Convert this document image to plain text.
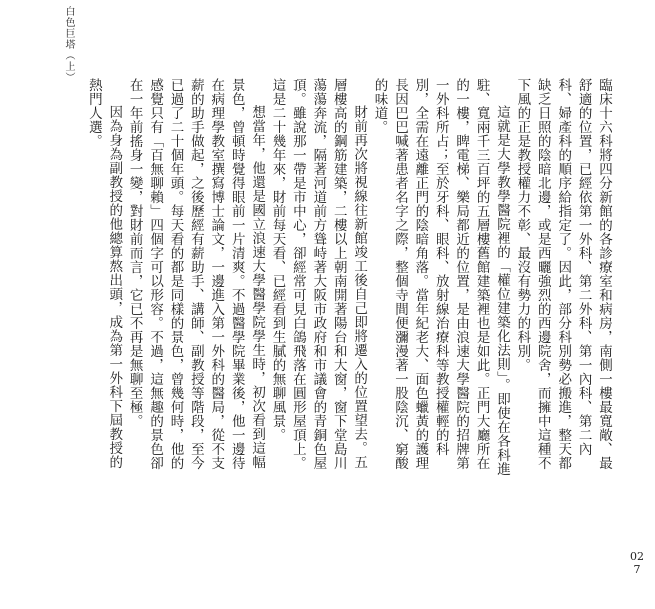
白色巨塔（上）

臨床十六科將四分新館的各診療室和病房，南側一樓最寬敞、最舒適的位置，已經依第一外科、第二外科、第一內科、第二內科、婦產科的順序給指定了。因此，部分科別勢必搬進，整天都缺乏日照的陰暗北邊，或是西曬強烈的西邊院舍，而擁中這種不下風的正是教授權力不彰、最沒有勢力的科別。

這就是大學教學醫院裡的「權位建築化法則」。即使在各科進駐、寬兩千三百坪的五層樓舊館建築裡也是如此。正門大廳所在的一樓，睥電梯、樂局都近的位置，是由浪速大學醫院的招牌第一外科所占；至於牙科、眼科、放射線治療科等教授權輕的科別，全需在遠離正門的陰暗角落。當年紀老大、面色蠟黃的護理長因巴巴喊著患者名字之際，整個寺間便瀰漫著一股陰沉、窮酸的味道。

財前再次將視線往新館竣工後自己即將遷入的位置望去。五層樓高的鋼筋建築，二樓以上朝南開著陽台和大窗，窗下堂島川蕩蕩奔流，隔著河道前方聳峙著大阪市政府和市議會的青銅色屋頂。雖說那一帶是市中心，卻經常可見白鴿飛落在圓形屋頂上。這是二十幾年來，財前每天看、已經看到生膩的無聊風景。

想當年，他還是國立浪速大學醫學院學生時，初次看到這幅景色，曾頓時覺得眼前一片清爽。不過醫學院畢業後，他一邊待在病理學教室撰寫博士論文，一邊進入第一外科的醫局，從不支薪的助手做起，之後歷經有薪助手、講師、副教授等階段，至今已過了二十個年頭。每天看的都是同樣的景色，曾幾何時，他的感覺只有「百無聊賴」四個字可以形容。不過，這無趣的景色卻在一年前搖身一變，對財前而言，它已不再是無聊至極。

因為身為副教授的他總算熬出頭，成為第一外科下屆教授的熱門人選。

027
